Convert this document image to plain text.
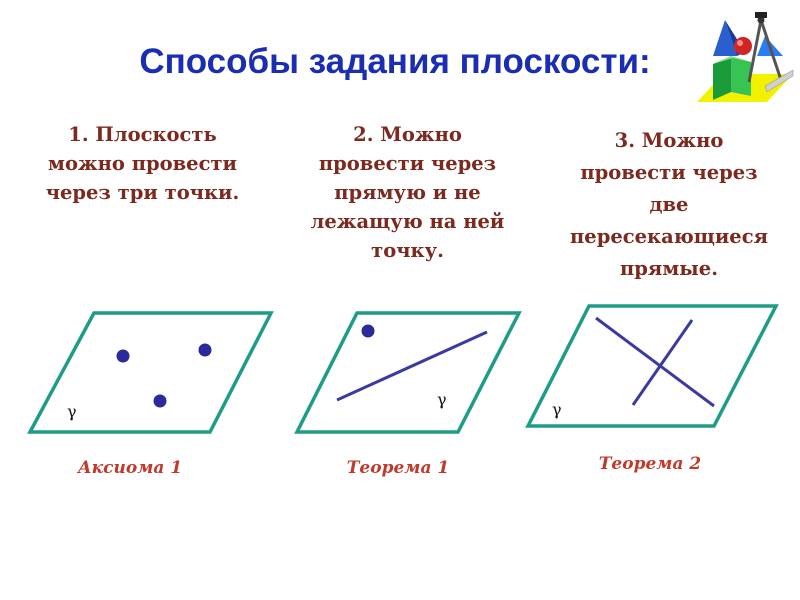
Способы задания плоскости:
1. Плоскость
можно провести
через три точки.
2. Можно
провести через
прямую и не
лежащую на ней
точку.
3. Можно
провести через
две
пересекающиеся
прямые.
γ
γ
γ
Аксиома 1	Теорема 1	Теорема 2
